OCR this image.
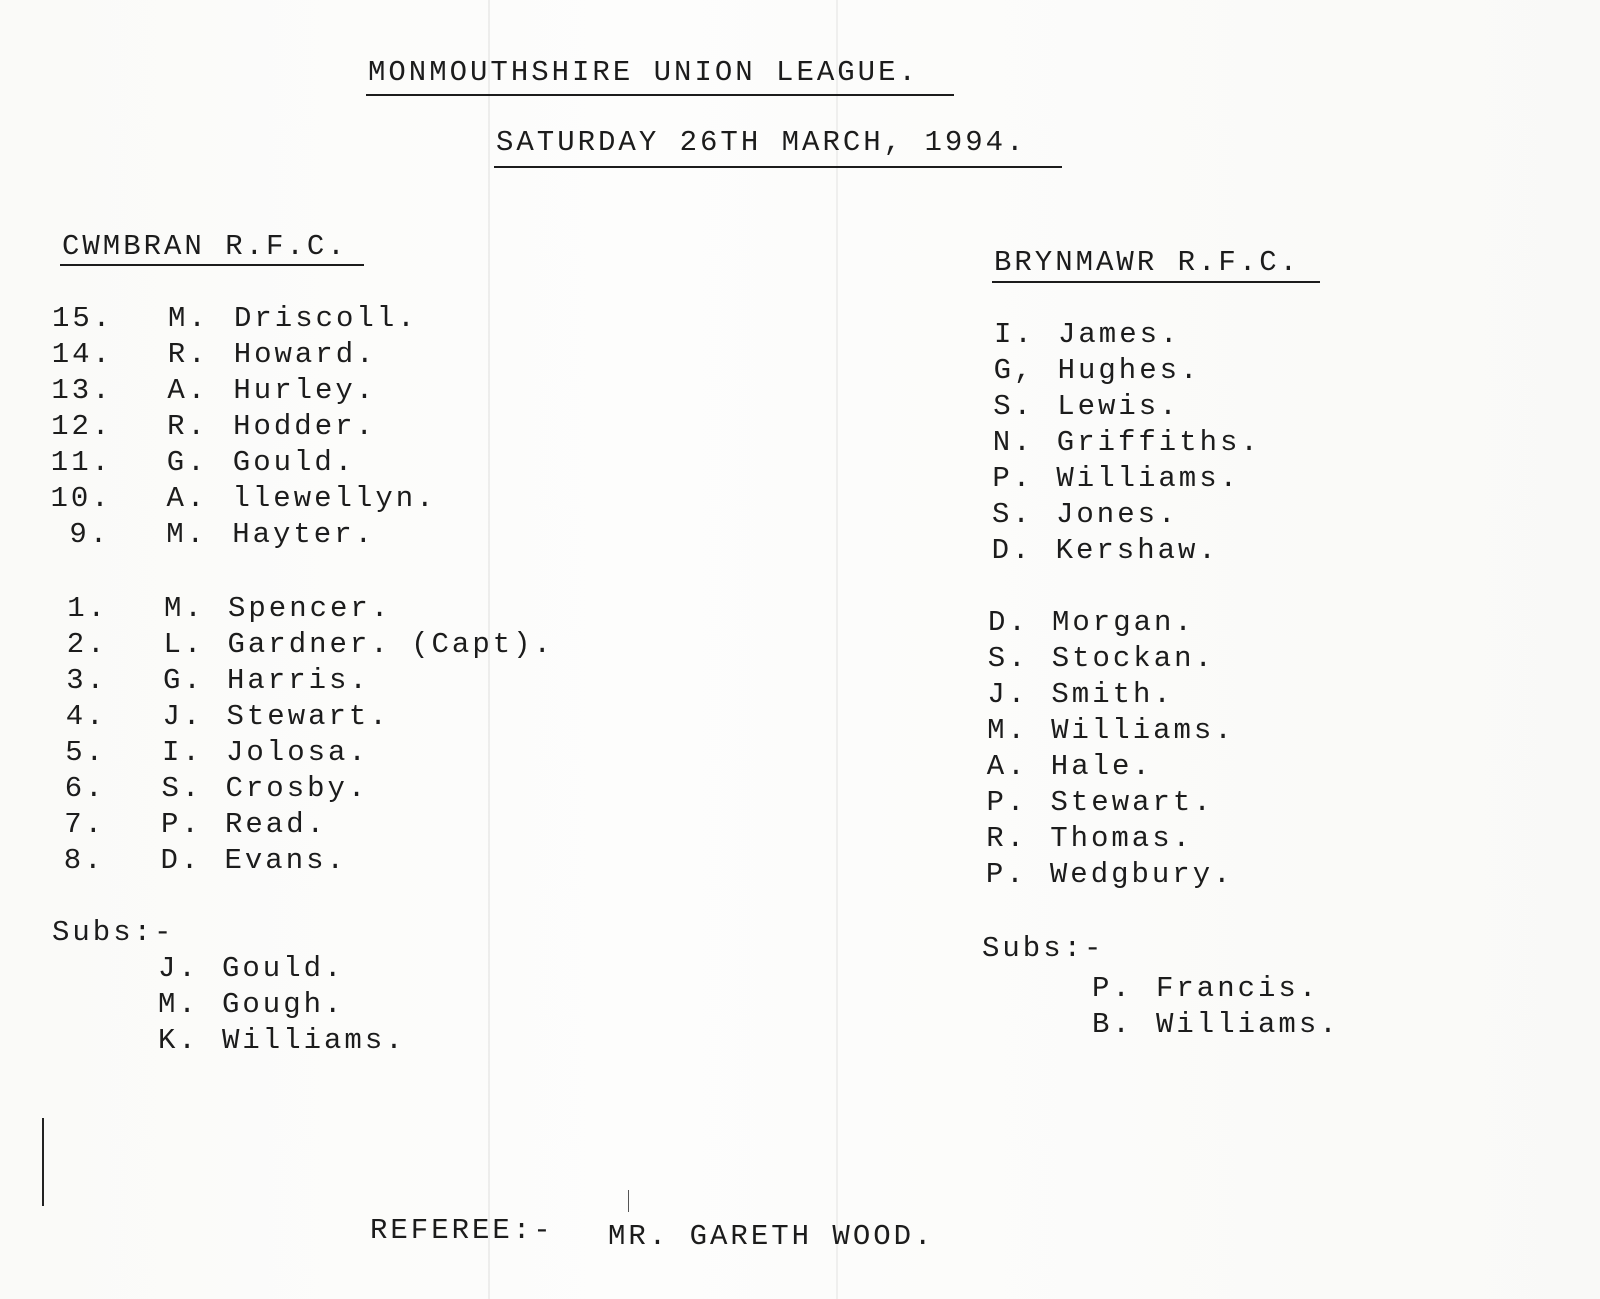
MONMOUTHSHIRE UNION LEAGUE.
SATURDAY 26TH MARCH, 1994.
CWMBRAN R.F.C.
15. M. Driscoll.
14. R. Howard.
13. A. Hurley.
12. R. Hodder.
11. G. Gould.
10. A. llewellyn.
9. M. Hayter.
1. M. Spencer.
2. L. Gardner. (Capt).
3. G. Harris.
4. J. Stewart.
5. I. Jolosa.
6. S. Crosby.
7. P. Read.
8. D. Evans.
Subs:-
J. Gould.
M. Gough.
K. Williams.
BRYNMAWR R.F.C.
I. James.
G, Hughes.
S. Lewis.
N. Griffiths.
P. Williams.
S. Jones.
D. Kershaw.
D. Morgan.
S. Stockan.
J. Smith.
M. Williams.
A. Hale.
P. Stewart.
R. Thomas.
P. Wedgbury.
Subs:-
P. Francis.
B. Williams.
REFEREE:- MR. GARETH WOOD.
